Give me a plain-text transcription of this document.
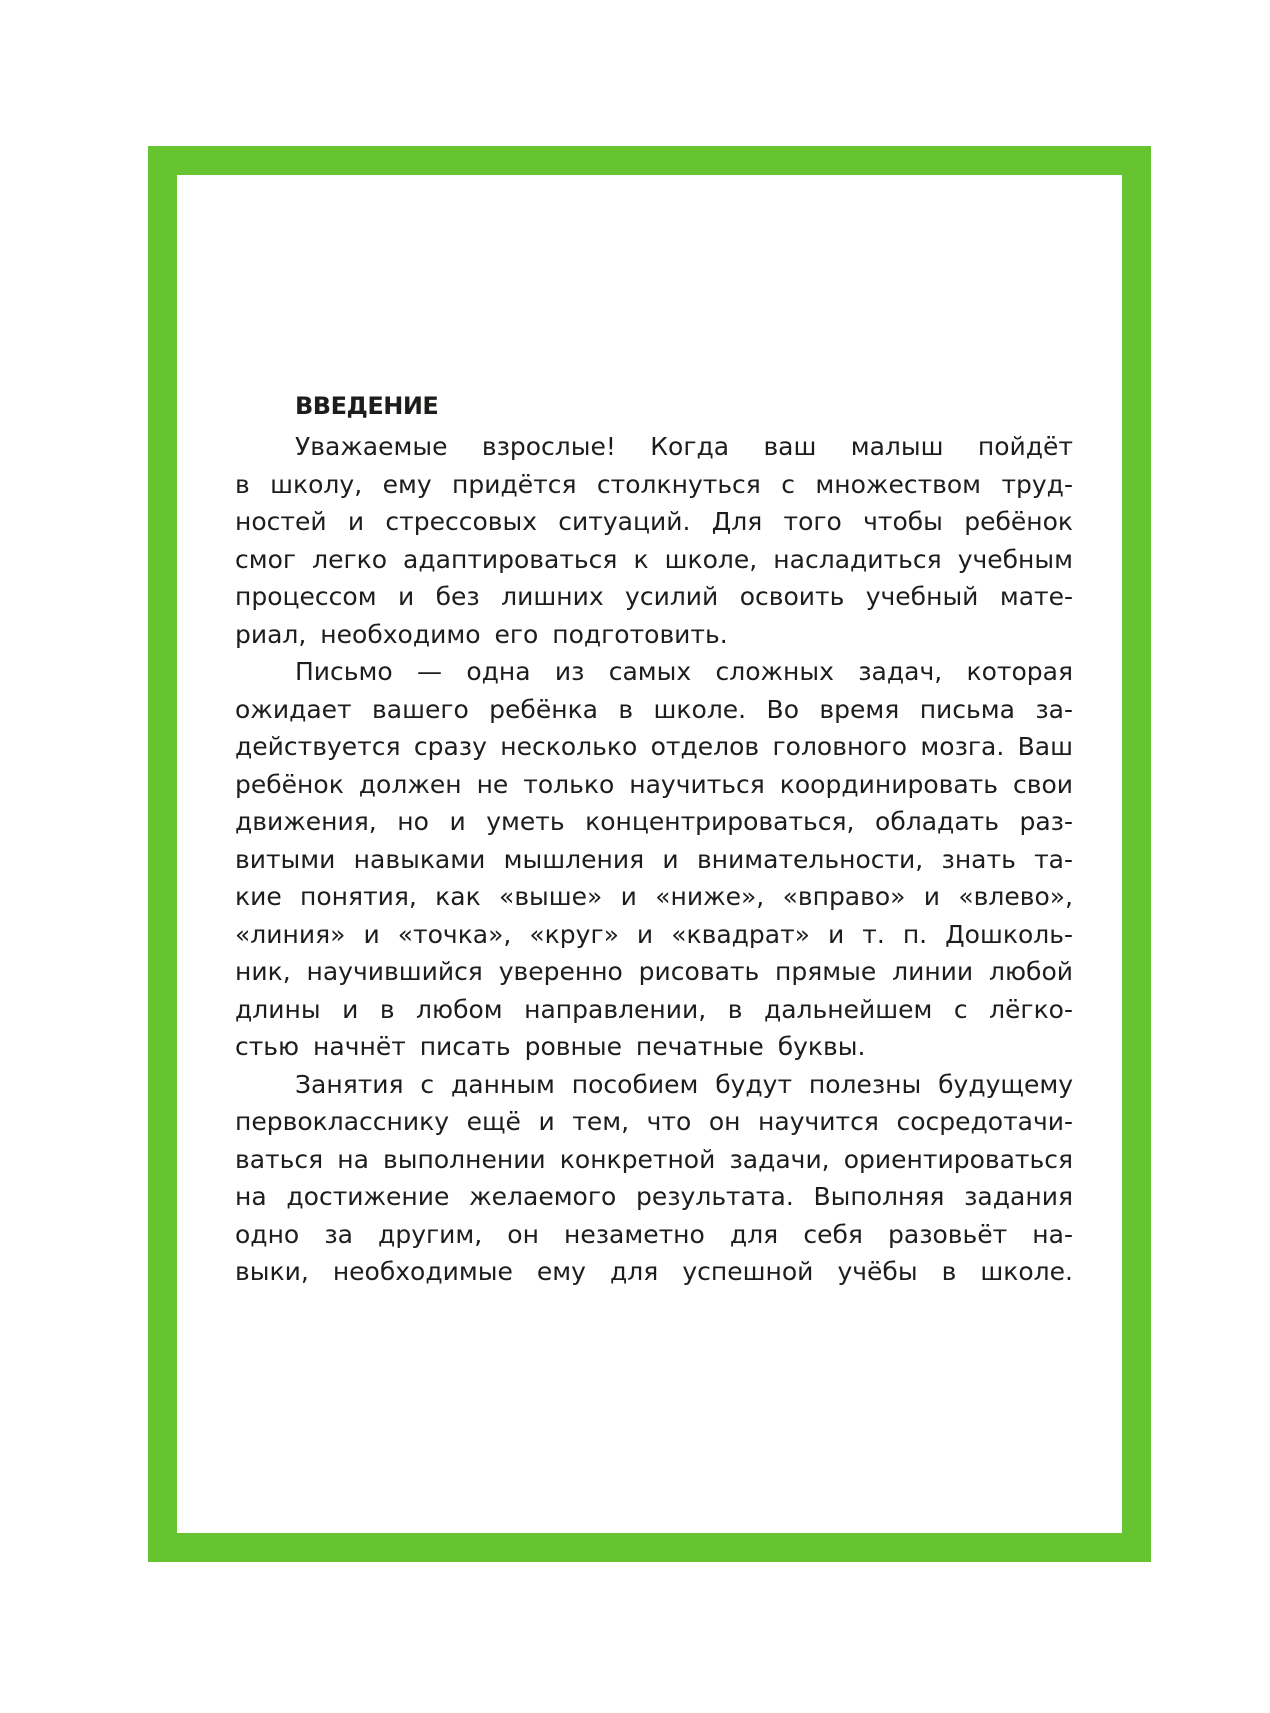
ВВЕДЕНИЕ
Уважаемые взрослые! Когда ваш малыш пойдёт
в школу, ему придётся столкнуться с множеством труд-
ностей и стрессовых ситуаций. Для того чтобы ребёнок
смог легко адаптироваться к школе, насладиться учебным
процессом и без лишних усилий освоить учебный мате-
риал, необходимо его подготовить.
Письмо — одна из самых сложных задач, которая
ожидает вашего ребёнка в школе. Во время письма за-
действуется сразу несколько отделов головного мозга. Ваш
ребёнок должен не только научиться координировать свои
движения, но и уметь концентрироваться, обладать раз-
витыми навыками мышления и внимательности, знать та-
кие понятия, как «выше» и «ниже», «вправо» и «влево»,
«линия» и «точка», «круг» и «квадрат» и т. п. Дошколь-
ник, научившийся уверенно рисовать прямые линии любой
длины и в любом направлении, в дальнейшем с лёгко-
стью начнёт писать ровные печатные буквы.
Занятия с данным пособием будут полезны будущему
первокласснику ещё и тем, что он научится сосредотачи-
ваться на выполнении конкретной задачи, ориентироваться
на достижение желаемого результата. Выполняя задания
одно за другим, он незаметно для себя разовьёт на-
выки, необходимые ему для успешной учёбы в школе.
